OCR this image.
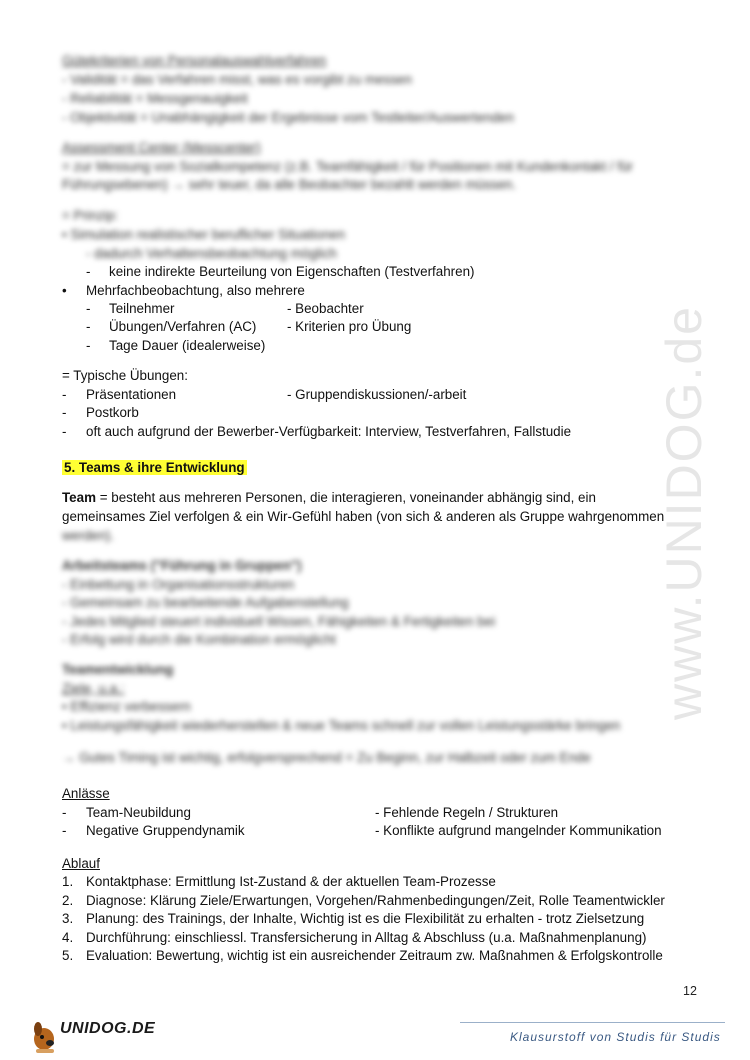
www.UNIDOG.de
Gütekriterien von Personalauswahlverfahren
- Validität = das Verfahren misst, was es vorgibt zu messen
- Reliabilität = Messgenauigkeit
- Objektivität = Unabhängigkeit der Ergebnisse vom Testleiter/Auswertenden
Assessment Center (Messcenter)
= zur Messung von Sozialkompetenz (z.B. Teamfähigkeit / für Positionen mit Kundenkontakt / für
Führungsebenen) → sehr teuer, da alle Beobachter bezahlt werden müssen.
= Prinzip:
• Simulation realistischer beruflicher Situationen
- dadurch Verhaltensbeobachtung möglich
- keine indirekte Beurteilung von Eigenschaften (Testverfahren)
• Mehrfachbeobachtung, also mehrere
- Teilnehmer	- Beobachter
- Übungen/Verfahren (AC) - Kriterien pro Übung
- Tage Dauer (idealerweise)
= Typische Übungen:
- Präsentationen	- Gruppendiskussionen/-arbeit
- Postkorb
- oft auch aufgrund der Bewerber-Verfügbarkeit: Interview, Testverfahren, Fallstudie
5. Teams & ihre Entwicklung
Team = besteht aus mehreren Personen, die interagieren, voneinander abhängig sind, ein
gemeinsames Ziel verfolgen & ein Wir-Gefühl haben (von sich & anderen als Gruppe wahrgenommen
werden).
Arbeitsteams ("Führung in Gruppen")
- Einbettung in Organisationsstrukturen
- Gemeinsam zu bearbeitende Aufgabenstellung
- Jedes Mitglied steuert individuell Wissen, Fähigkeiten & Fertigkeiten bei
- Erfolg wird durch die Kombination ermöglicht
Teamentwicklung
Ziele, u.a.:
• Effizienz verbessern
• Leistungsfähigkeit wiederherstellen & neue Teams schnell zur vollen Leistungsstärke bringen
→ Gutes Timing ist wichtig, erfolgversprechend = Zu Beginn, zur Halbzeit oder zum Ende
Anlässe
- Team-Neubildung	- Fehlende Regeln / Strukturen
- Negative Gruppendynamik	- Konflikte aufgrund mangelnder Kommunikation
Ablauf
1. Kontaktphase: Ermittlung Ist-Zustand & der aktuellen Team-Prozesse
2. Diagnose: Klärung Ziele/Erwartungen, Vorgehen/Rahmenbedingungen/Zeit, Rolle Teamentwickler
3. Planung: des Trainings, der Inhalte, Wichtig ist es die Flexibilität zu erhalten - trotz Zielsetzung
4. Durchführung: einschliessl. Transfersicherung in Alltag & Abschluss (u.a. Maßnahmenplanung)
5. Evaluation: Bewertung, wichtig ist ein ausreichender Zeitraum zw. Maßnahmen & Erfolgskontrolle
12
UNIDOG.DE	Klausurstoff von Studis für Studis
